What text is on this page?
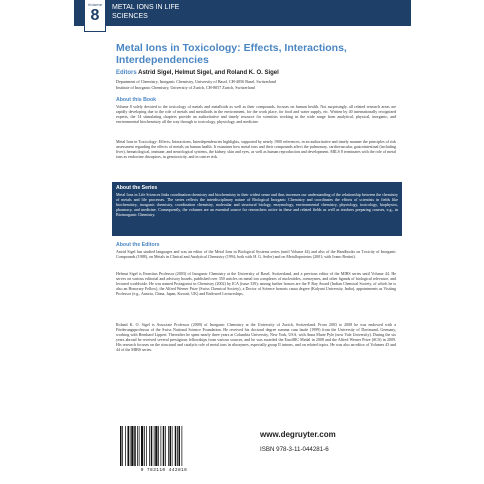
Volume
8	METAL IONS IN LIFE SCIENCES
Metal Ions in Toxicology: Effects, Interactions, Interdependencies
Editors Astrid Sigel, Helmut Sigel, and Roland K. O. Sigel
Department of Chemistry, Inorganic Chemistry, University of Basel, CH-4056 Basel, Switzerland
Institute of Inorganic Chemistry, University of Zurich, CH-8057 Zurich, Switzerland
About this Book
Volume 8 solely devoted to the toxicology of metals and metalloids as well as their compounds, focuses on human health. Not surprisingly, all related research areas are rapidly developing due to the role of metals and metalloids in the environment, for the work place, for food and water supply, etc. Written by 40 internationally recognized experts, the 14 stimulating chapters provide an authoritative and timely resource for scientists working in the wide range from analytical, physical, inorganic, and environmental biochemistry all the way through to toxicology, physiology, and medicine.
Metal Ions in Toxicology: Effects, Interactions, Interdependencies highlights, supported by nearly 1900 references, in an authoritative and timely manner the principles of risk assessment regarding the effects of metals on human health. It examines how metal ions and their compounds affect the pulmonary, cardiovascular, gastrointestinal (including liver), hematological, immune, and neurological systems, the kidney, skin and eyes, as well as human reproduction and development. MILS 8 terminates with the role of metal ions as endocrine disruptors, in genotoxicity, and in cancer risk.
About the Series
Metal Ions in Life Sciences links coordination chemistry and biochemistry in their widest sense and thus increases our understanding of the relationship between the chemistry of metals and life processes. The series reflects the interdisciplinary nature of Biological Inorganic Chemistry and coordinates the efforts of scientists in fields like biochemistry, inorganic chemistry, coordination chemistry, molecular and structural biology, enzymology, environmental chemistry, physiology, toxicology, biophysics, pharmacy, and medicine. Consequently, the volumes are an essential source for researchers active in these and related fields as well as teachers preparing courses, e.g., in Bioinorganic Chemistry.
About the Editors
Astrid Sigel has studied languages and was an editor of the Metal Ions in Biological Systems series (until Volume 44) and also of the Handbooks on Toxicity of Inorganic Compounds (1988), on Metals in Clinical and Analytical Chemistry (1994; both with H. G. Seiler) and on Metalloproteins (2001; with Ivano Bertini).
Helmut Sigel is Emeritus Professor (2003) of Inorganic Chemistry at the University of Basel, Switzerland, and a previous editor of the MIBS series until Volume 44. He serves on various editorial and advisory boards, published over 350 articles on metal ion complexes of nucleotides, coenzymes, and other ligands of biological relevance, and lectured worldwide. He was named Protagonist in Chemistry (2002) by ICA (issue 339); among further honors are the P. Ray Award (Indian Chemical Society, of which he is also an Honorary Fellow), the Alfred Werner Prize (Swiss Chemical Society), a Doctor of Science honoris causa degree (Kalyani University, India), appointments as Visiting Professor (e.g., Austria, China, Japan, Kuwait, UK) and Endowed Lectureships.
Roland K. O. Sigel is Associate Professor (2009) of Inorganic Chemistry at the University of Zurich, Switzerland. From 2003 to 2008 he was endowed with a Förderungsprofessur of the Swiss National Science Foundation. He received his doctoral degree summa cum laude (1999) from the University of Dortmund, Germany, working with Bernhard Lippert. Thereafter he spent nearly three years at Columbia University, New York, USA, with Anna Marie Pyle (now Yale University). During the six years abroad he received several prestigious fellowships from various sources, and he was awarded the EuroBIC Medal in 2008 and the Alfred Werner Prize (SCS) in 2009. His research focuses on the structural and catalytic role of metal ions in ribozymes, especially group II introns, and on related topics. He was also an editor of Volumes 43 and 44 of the MIBS series.
9 783110 442816
www.degruyter.com
ISBN 978-3-11-044281-6
